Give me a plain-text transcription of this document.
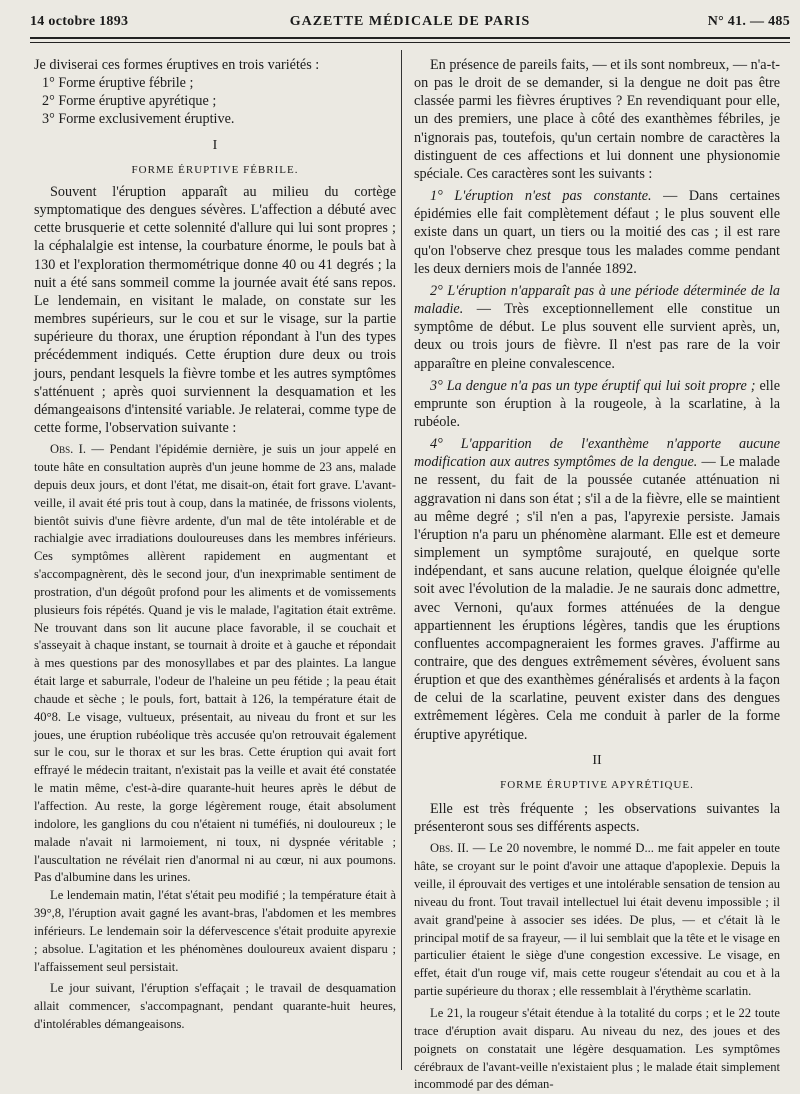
14 octobre 1893	GAZETTE MÉDICALE DE PARIS	N° 41. — 485

Je diviserai ces formes éruptives en trois variétés :

1° Forme éruptive fébrile ;

2° Forme éruptive apyrétique ;

3° Forme exclusivement éruptive.

I
FORME ÉRUPTIVE FÉBRILE.

Souvent l'éruption apparaît au milieu du cortège symptomatique des dengues sévères. L'affection a débuté avec cette brusquerie et cette solennité d'allure qui lui sont propres ; la céphalalgie est intense, la courbature énorme, le pouls bat à 130 et l'exploration thermométrique donne 40 ou 41 degrés ; la nuit a été sans sommeil comme la journée avait été sans repos. Le lendemain, en visitant le malade, on constate sur les membres supérieurs, sur le cou et sur le visage, sur la partie supérieure du thorax, une éruption répondant à l'un des types précédemment indiqués. Cette éruption dure deux ou trois jours, pendant lesquels la fièvre tombe et les autres symptômes s'atténuent ; après quoi surviennent la desquamation et les démangeaisons d'intensité variable. Je relaterai, comme type de cette forme, l'observation suivante :

Obs. I. — Pendant l'épidémie dernière, je suis un jour appelé en toute hâte en consultation auprès d'un jeune homme de 23 ans, malade depuis deux jours, et dont l'état, me disait-on, était fort grave. L'avant-veille, il avait été pris tout à coup, dans la matinée, de frissons violents, bientôt suivis d'une fièvre ardente, d'un mal de tête intolérable et de rachialgie avec irradiations douloureuses dans les membres inférieurs. Ces symptômes allèrent rapidement en augmentant et s'accompagnèrent, dès le second jour, d'un inexprimable sentiment de prostration, d'un dégoût profond pour les aliments et de vomissements plusieurs fois répétés. Quand je vis le malade, l'agitation était extrême. Ne trouvant dans son lit aucune place favorable, il se couchait et s'asseyait à chaque instant, se tournait à droite et à gauche et répondait à mes questions par des monosyllabes et par des plaintes. La langue était large et saburrale, l'odeur de l'haleine un peu fétide ; la peau était chaude et sèche ; le pouls, fort, battait à 126, la température était de 40°8. Le visage, vultueux, présentait, au niveau du front et sur les joues, une éruption rubéolique très accusée qu'on retrouvait également sur le cou, sur le thorax et sur les bras. Cette éruption qui avait fort effrayé le médecin traitant, n'existait pas la veille et avait été constatée le matin même, c'est-à-dire quarante-huit heures après le début de l'affection. Au reste, la gorge légèrement rouge, était absolument indolore, les ganglions du cou n'étaient ni tuméfiés, ni douloureux ; le malade n'avait ni larmoiement, ni toux, ni dyspnée véritable ; l'auscultation ne révélait rien d'anormal ni au cœur, ni aux poumons. Pas d'albumine dans les urines.

Le lendemain matin, l'état s'était peu modifié ; la température était à 39°,8, l'éruption avait gagné les avant-bras, l'abdomen et les membres inférieurs. Le lendemain soir la défervescence s'était produite apyrexie ; absolue. L'agitation et les phénomènes douloureux avaient disparu ; l'affaissement seul persistait.

Le jour suivant, l'éruption s'effaçait ; le travail de desquamation allait commencer, s'accompagnant, pendant quarante-huit heures, d'intolérables démangeaisons.

En présence de pareils faits, — et ils sont nombreux, — n'a-t-on pas le droit de se demander, si la dengue ne doit pas être classée parmi les fièvres éruptives ? En revendiquant pour elle, un des premiers, une place à côté des exanthèmes fébriles, je n'ignorais pas, toutefois, qu'un certain nombre de caractères la distinguent de ces affections et lui donnent une physionomie spéciale. Ces caractères sont les suivants :

1° L'éruption n'est pas constante. — Dans certaines épidémies elle fait complètement défaut ; le plus souvent elle existe dans un quart, un tiers ou la moitié des cas ; il est rare qu'on l'observe chez presque tous les malades comme pendant les deux derniers mois de l'année 1892.

2° L'éruption n'apparaît pas à une période déterminée de la maladie. — Très exceptionnellement elle constitue un symptôme de début. Le plus souvent elle survient après, un, deux ou trois jours de fièvre. Il n'est pas rare de la voir apparaître en pleine convalescence.

3° La dengue n'a pas un type éruptif qui lui soit propre ; elle emprunte son éruption à la rougeole, à la scarlatine, à la rubéole.

4° L'apparition de l'exanthème n'apporte aucune modification aux autres symptômes de la dengue. — Le malade ne ressent, du fait de la poussée cutanée atténuation ni aggravation ni dans son état ; s'il a de la fièvre, elle se maintient au même degré ; s'il n'en a pas, l'apyrexie persiste. Jamais l'éruption n'a paru un phénomène alarmant. Elle est et demeure simplement un symptôme surajouté, en quelque sorte indépendant, et sans aucune relation, quelque éloignée qu'elle soit avec l'évolution de la maladie. Je ne saurais donc admettre, avec Vernoni, qu'aux formes atténuées de la dengue appartiennent les éruptions légères, tandis que les éruptions confluentes accompagneraient les formes graves. J'affirme au contraire, que des dengues extrêmement sévères, évoluent sans éruption et que des exanthèmes généralisés et ardents à la façon de celui de la scarlatine, peuvent exister dans des dengues extrêmement légères. Cela me conduit à parler de la forme éruptive apyrétique.

II
FORME ÉRUPTIVE APYRÉTIQUE.

Elle est très fréquente ; les observations suivantes la présenteront sous ses différents aspects.

Obs. II. — Le 20 novembre, le nommé D... me fait appeler en toute hâte, se croyant sur le point d'avoir une attaque d'apoplexie. Depuis la veille, il éprouvait des vertiges et une intolérable sensation de tension au niveau du front. Tout travail intellectuel lui était devenu impossible ; il avait grand'peine à associer ses idées. De plus, — et c'était là le principal motif de sa frayeur, — il lui semblait que la tête et le visage en particulier étaient le siège d'une congestion excessive. Le visage, en effet, était d'un rouge vif, mais cette rougeur s'étendait au cou et à la partie supérieure du thorax ; elle ressemblait à l'érythème scarlatin.

Le 21, la rougeur s'était étendue à la totalité du corps ; et le 22 toute trace d'éruption avait disparu. Au niveau du nez, des joues et des poignets on constatait une légère desquamation. Les symptômes cérébraux de l'avant-veille n'existaient plus ; le malade était simplement incommodé par des déman-
